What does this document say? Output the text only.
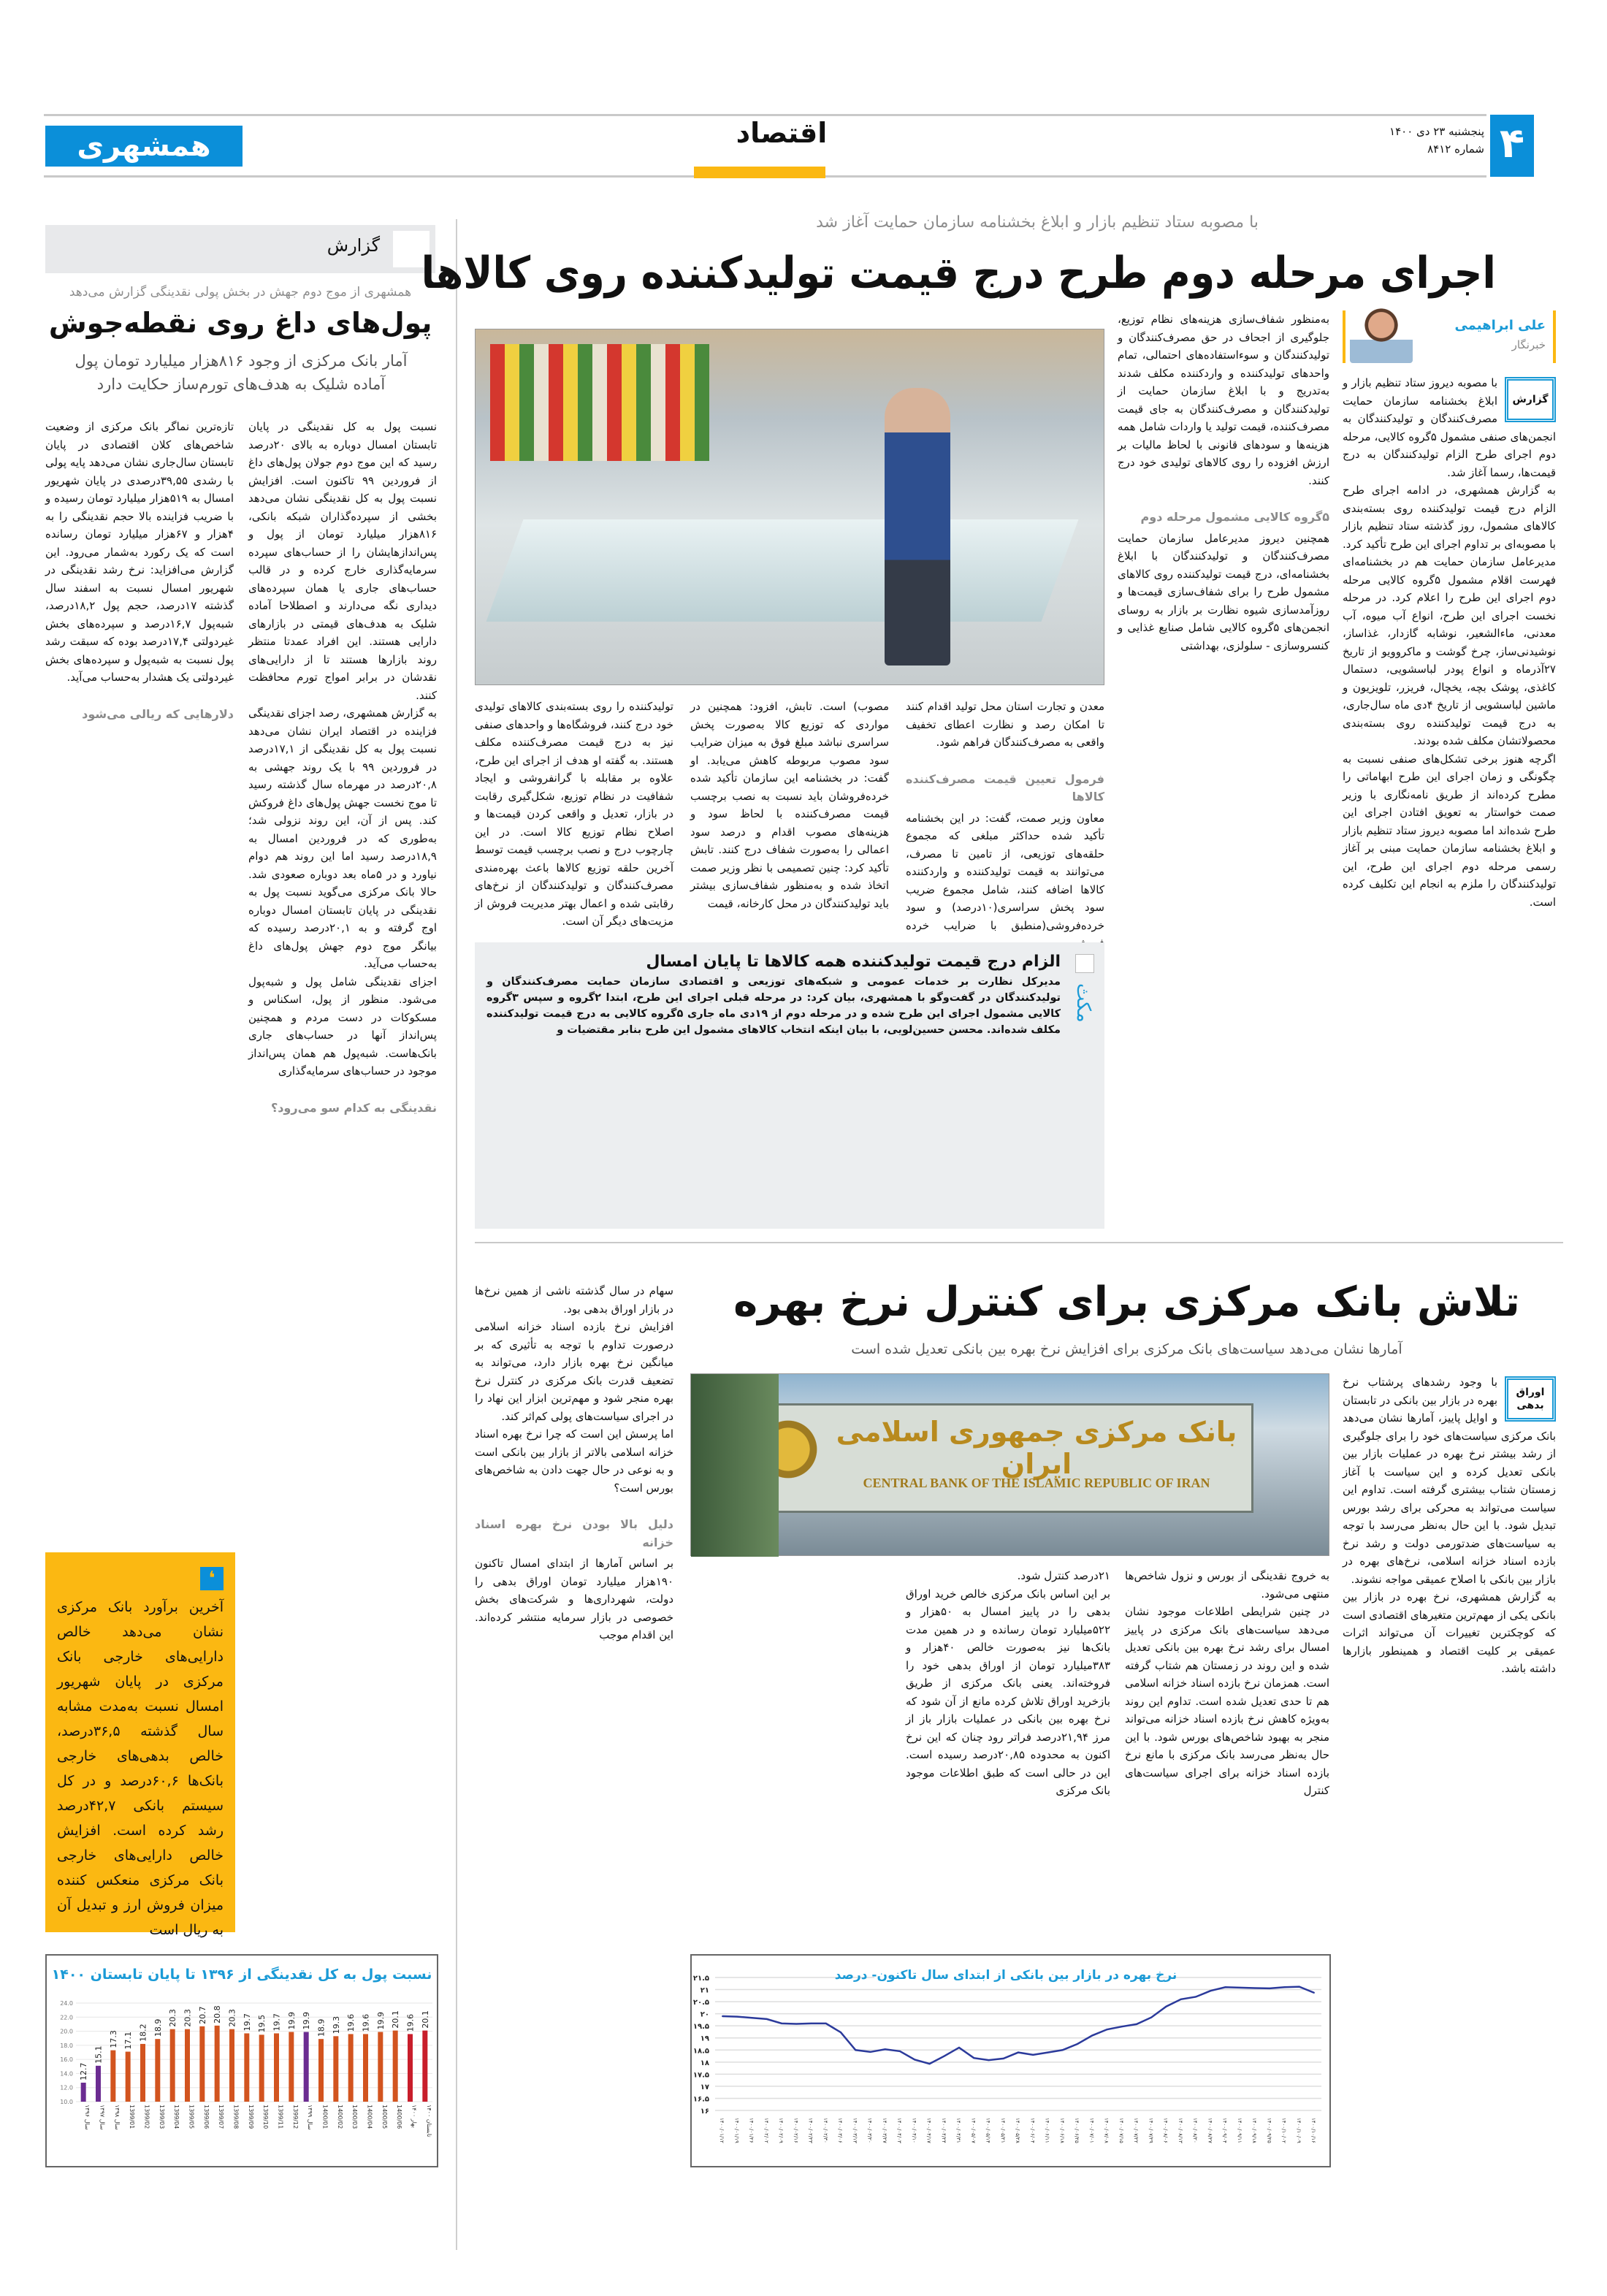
۴
پنجشنبه ۲۳ دی ۱۴۰۰
شماره ۸۴۱۲
اقتصاد
همشهری
گزارش
همشهری از موج دوم جهش در بخش پولی نقدینگی گزارش می‌دهد
پول‌های داغ روی نقطه‌جوش
آمار بانک مرکزی از وجود ۸۱۶هزار میلیارد تومان پول آماده شلیک به هدف‌های تورم‌ساز حکایت دارد

نسبت پول به کل نقدینگی در پایان تابستان امسال دوباره به بالای ۲۰درصد رسید که این موج دوم جولان پول‌های داغ از فروردین ۹۹ تاکنون است. افزایش نسبت پول به کل نقدینگی نشان می‌دهد بخشی از سپرده‌گذاران شبکه بانکی، ۸۱۶هزار میلیارد تومان از پول و پس‌اندازهایشان را از حساب‌های سپرده سرمایه‌گذاری خارج کرده و در قالب حساب‌های جاری یا همان سپرده‌های دیداری نگه می‌دارند و اصطلاحا آماده شلیک به هدف‌های قیمتی در بازارهای دارایی هستند. این افراد عمدتا منتظر روند بازارها هستند تا از دارایی‌های نقدشان در برابر امواج تورم محافظت کنند.

به گزارش همشهری، رصد اجزای نقدینگی فزاینده در اقتصاد ایران نشان می‌دهد نسبت پول به کل نقدینگی از ۱۷,۱درصد در فروردین ۹۹ با یک روند جهشی به ۲۰,۸درصد در مهرماه سال گذشته رسید تا موج نخست جهش پول‌های داغ فروکش کند. پس از آن، این روند نزولی شد؛ به‌طوری که در فروردین امسال به ۱۸,۹درصد رسید اما این روند هم دوام نیاورد و در ۵ماه بعد دوباره صعودی شد. حالا بانک مرکزی می‌گوید نسبت پول به نقدینگی در پایان تابستان امسال دوباره اوج گرفته و به ۲۰,۱درصد رسیده که بیانگر موج دوم جهش پول‌های داغ به‌حساب می‌آید.

اجزای نقدینگی شامل پول و شبه‌پول می‌شود. منظور از پول، اسکناس و مسکوکات در دست مردم و همچنین پس‌انداز آنها در حساب‌های جاری بانک‌هاست. شبه‌پول هم همان پس‌انداز موجود در حساب‌های سرمایه‌گذاری

نقدینگی به کدام سو می‌رود؟

تازه‌ترین نماگر بانک مرکزی از وضعیت شاخص‌های کلان اقتصادی در پایان تابستان سال‌جاری نشان می‌دهد پایه پولی با رشدی ۳۹,۵۵درصدی در پایان شهریور امسال به ۵۱۹هزار میلیارد تومان رسیده و با ضریب فزاینده بالا حجم نقدینگی را به ۴هزار و ۶۷هزار میلیارد تومان رسانده است که یک رکورد به‌شمار می‌رود. این گزارش می‌افزاید: نرخ رشد نقدینگی در شهریور امسال نسبت به اسفند سال گذشته ۱۷درصد، حجم پول ۱۸,۲درصد، شبه‌پول ۱۶,۷درصد و سپرده‌های بخش غیردولتی ۱۷,۴درصد بوده که سبقت رشد پول نسبت به شبه‌پول و سپرده‌های بخش غیردولتی یک هشدار به‌حساب می‌آید.

دلارهایی که ریالی می‌شود
❛
آخرین برآورد بانک مرکزی نشان می‌دهد خالص دارایی‌های خارجی بانک مرکزی در پایان شهریور امسال نسبت به‌مدت مشابه سال گذشته ۳۶,۵درصد، خالص بدهی‌های خارجی بانک‌ها ۶۰,۶درصد و در کل سیستم بانکی ۴۲,۷درصد رشد کرده است. افزایش خالص دارایی‌های خارجی بانک مرکزی منعکس کننده میزان فروش ارز و تبدیل آن به ریال است
نسبت پول به کل نقدینگی از ۱۳۹۶ تا پایان تابستان ۱۴۰۰
10.0
12.0
14.0
16.0
18.0
20.0
22.0
24.0
12.7
سال ۱۳۹۶
15.1
سال ۱۳۹۷
17.3
سال ۱۳۹۸
17.1
1399/01
18.2
1399/02
18.9
1399/03
20.3
1399/04
20.3
1399/05
20.7
1399/06
20.8
1399/07
20.3
1399/08
19.7
1399/09
19.5
1399/10
19.7
1399/11
19.9
1399/12
19.9
سال ۱۳۹۹
18.9
1400/01
19.3
1400/02
19.6
1400/03
19.6
1400/04
19.9
1400/05
20.1
1400/06
19.6
بهار ۱۴۰۰
20.1
تابستان ۱۴۰۰
با مصوبه ستاد تنظیم بازار و ابلاغ بخشنامه سازمان حمایت آغاز شد
اجرای مرحله دوم طرح درج قیمت تولیدکننده روی کالاها
علی ابراهیمی
خبرنگار
گزارش

با مصوبه دیروز ستاد تنظیم بازار و ابلاغ بخشنامه سازمان حمایت مصرف‌کنندگان و تولیدکنندگان به انجمن‌های صنفی مشمول ۵گروه کالایی، مرحله دوم اجرای طرح الزام تولیدکنندگان به درج قیمت‌ها، رسما آغاز شد.

به گزارش همشهری، در ادامه اجرای طرح الزام درج قیمت تولیدکننده روی بسته‌بندی کالاهای مشمول، روز گذشته ستاد تنظیم بازار با مصوبه‌ای بر تداوم اجرای این طرح تأکید کرد. مدیرعامل سازمان حمایت هم در بخشنامه‌ای فهرست اقلام مشمول ۵گروه کالایی مرحله دوم اجرای این طرح را اعلام کرد. در مرحله نخست اجرای این طرح، انواع آب میوه، آب معدنی، ماءالشعیر، نوشابه گازدار، غذاساز، نوشیدنی‌ساز، چرخ گوشت و ماکروویو از تاریخ ۲۷آذرماه و انواع پودر لباسشویی، دستمال کاغذی، پوشک بچه، یخچال، فریزر، تلویزیون و ماشین لباسشویی از تاریخ ۴دی ماه سال‌جاری، به درج قیمت تولیدکننده روی بسته‌بندی محصولاتشان مکلف شده بودند.

اگرچه هنوز برخی تشکل‌های صنفی نسبت به چگونگی و زمان اجرای این طرح ابهاماتی را مطرح کرده‌اند از طریق نامه‌نگاری با وزیر صمت خواستار به تعویق افتادن اجرای این طرح شده‌اند اما مصوبه دیروز ستاد تنظیم بازار و ابلاغ بخشنامه سازمان حمایت مبنی بر آغاز رسمی مرحله دوم اجرای این طرح، این تولیدکنندگان را ملزم به انجام این تکلیف کرده است.

به‌منظور شفاف‌سازی هزینه‌های نظام توزیع، جلوگیری از اجحاف در حق مصرف‌کنندگان و تولیدکنندگان و سوءاستفاده‌های احتمالی، تمام واحدهای تولیدکننده و واردکننده مکلف شدند به‌تدریج و با ابلاغ سازمان حمایت از تولیدکنندگان و مصرف‌کنندگان به جای قیمت مصرف‌کننده، قیمت تولید یا واردات شامل همه هزینه‌ها و سودهای قانونی با لحاظ مالیات بر ارزش افزوده را روی کالاهای تولیدی خود درج کنند.

۵گروه کالایی مشمول مرحله دوم

همچنین دیروز مدیرعامل سازمان حمایت مصرف‌کنندگان و تولیدکنندگان با ابلاغ بخشنامه‌ای، درج قیمت تولیدکننده روی کالاهای مشمول طرح را برای شفاف‌سازی قیمت‌ها و روزآمدسازی شیوه نظارت بر بازار به روسای انجمن‌های ۵گروه کالایی شامل صنایع غذایی و کنسروسازی - سلولزی، بهداشتی

معدن و تجارت استان محل تولید اقدام کنند تا امکان رصد و نظارت اعطای تخفیف واقعی به مصرف‌کنندگان فراهم شود.

فرمول تعیین قیمت مصرف‌کننده کالاها

معاون وزیر صمت، گفت: در این بخشنامه تأکید شده حداکثر مبلغی که مجموع حلقه‌های توزیعی، از تامین تا مصرف، می‌توانند به قیمت تولیدکننده و واردکننده کالاها اضافه کنند، شامل مجموع ضریب سود پخش سراسری(۱۰درصد) و سود خرده‌فروشی(منطبق با ضرایب خرده

مصوب) است. تابش، افزود: همچنین در مواردی که توزیع کالا به‌صورت پخش سراسری نباشد مبلغ فوق به میزان ضرایب سود مصوب مربوطه کاهش می‌یابد. او گفت: در بخشنامه این سازمان تأکید شده خرده‌فروشان باید نسبت به نصب برچسب قیمت مصرف‌کننده با لحاظ سود و هزینه‌های مصوب اقدام و درصد سود اعمالی را به‌صورت شفاف درج کنند. تابش تأکید کرد: چنین تصمیمی با نظر وزیر صمت اتخاذ شده و به‌منظور شفاف‌سازی بیشتر باید تولیدکنندگان در محل کارخانه، قیمت

تولیدکننده را روی بسته‌بندی کالاهای تولیدی خود درج کنند، فروشگاه‌ها و واحدهای صنفی نیز به درج قیمت مصرف‌کننده مکلف هستند. به گفته او هدف از اجرای این طرح، علاوه بر مقابله با گرانفروشی و ایجاد شفافیت در نظام توزیع، شکل‌گیری رقابت در بازار، تعدیل و واقعی کردن قیمت‌ها و اصلاح نظام توزیع کالا است. در این چارچوب درج و نصب برچسب قیمت توسط آخرین حلقه توزیع کالاها باعث بهره‌مندی مصرف‌کنندگان و تولیدکنندگان از نرخ‌های رقابتی شده و اعمال بهتر مدیریت فروش از مزیت‌های دیگر آن است.

مکث
الزام درج قیمت تولیدکننده همه کالاها تا پایان امسال
مدیرکل نظارت بر خدمات عمومی و شبکه‌های توزیعی و اقتصادی سازمان حمایت مصرف‌کنندگان و تولیدکنندگان در گفت‌وگو با همشهری، بیان کرد: در مرحله قبلی اجرای این طرح، ابتدا ۲گروه و سپس ۳گروه کالایی مشمول اجرای این طرح شده و در مرحله دوم از ۱۹دی ماه جاری ۵گروه کالایی به درج قیمت تولیدکننده مکلف شده‌اند. محسن حسین‌لویی، با بیان اینکه انتخاب کالاهای مشمول این طرح بنابر مقتضیات و
تلاش بانک مرکزی برای کنترل نرخ بهره
آمارها نشان می‌دهد سیاست‌های بانک مرکزی برای افزایش نرخ بهره بین بانکی تعدیل شده است
اوراق بدهی

با وجود رشدهای پرشتاب نرخ بهره در بازار بین بانکی در تابستان و اوایل پاییز، آمارها نشان می‌دهد بانک مرکزی سیاست‌های خود را برای جلوگیری از رشد بیشتر نرخ بهره در عملیات بازار بین بانکی تعدیل کرده و این سیاست با آغاز زمستان شتاب بیشتری گرفته است. تداوم این سیاست می‌تواند به محرکی برای رشد بورس تبدیل شود. با این حال به‌نظر می‌رسد با توجه به سیاست‌های ضدتورمی دولت و رشد نرخ بازده اسناد خزانه اسلامی، نرخ‌های بهره در بازار بین بانکی با اصلاح عمیقی مواجه نشوند.

به گزارش همشهری، نرخ بهره در بازار بین بانکی یکی از مهم‌ترین متغیرهای اقتصادی است که کوچکترین تغییرات آن می‌تواند اثرات عمیقی بر کلیت اقتصاد و همینطور بازارها داشته باشد.

بانک مرکزی جمهوری اسلامی ایران
CENTRAL BANK OF THE ISLAMIC REPUBLIC OF IRAN

به خروج نقدینگی از بورس و نزول شاخص‌ها منتهی می‌شود.

در چنین شرایطی اطلاعات موجود نشان می‌دهد سیاست‌های بانک مرکزی در پاییز امسال برای رشد نرخ بهره بین بانکی تعدیل شده و این روند در زمستان هم شتاب گرفته است. همزمان نرخ بازده اسناد خزانه اسلامی هم تا حدی تعدیل شده است. تداوم این روند به‌ویژه کاهش نرخ بازده اسناد خزانه می‌تواند منجر به بهبود شاخص‌های بورس شود. با این حال به‌نظر می‌رسد بانک مرکزی با مانع نرخ بازده اسناد خزانه برای اجرای سیاست‌های کنترل

۲۱درصد کنترل شود.

بر این اساس بانک مرکزی خالص خرید اوراق بدهی را در پاییز امسال به ۵۰هزار و ۵۲۲میلیارد تومان رسانده و در همین مدت بانک‌ها نیز به‌صورت خالص ۴۰هزار و ۳۸۳میلیارد تومان از اوراق بدهی خود را فروخته‌اند. یعنی بانک مرکزی از طریق بازخرید اوراق تلاش کرده مانع از آن شود که نرخ بهره بین بانکی در عملیات بازار باز از مرز ۲۱,۹۴درصد فراتر رود چنان که این نرخ اکنون به محدوده ۲۰,۸۵درصد رسیده است. این در حالی است که طبق اطلاعات موجود بانک مرکزی

سهام در سال گذشته ناشی از همین نرخ‌ها در بازار اوراق بدهی بود.

افزایش نرخ بازده اسناد خزانه اسلامی درصورت تداوم با توجه به تأثیری که بر میانگین نرخ بهره بازار دارد، می‌تواند به تضعیف قدرت بانک مرکزی در کنترل نرخ بهره منجر شود و مهم‌ترین ابزار این نهاد را در اجرای سیاست‌های پولی کم‌اثر کند.

اما پرسش این است که چرا نرخ بهره اسناد خزانه اسلامی بالاتر از بازار بین بانکی است و به نوعی در حال جهت دادن به شاخص‌های بورس است؟

دلیل بالا بودن نرخ بهره اسناد خزانه

بر اساس آمارها از ابتدای امسال تاکنون ۱۹۰هزار میلیارد تومان اوراق بدهی را دولت، شهرداری‌ها و شرکت‌های بخش خصوصی در بازار سرمایه منتشر کرده‌اند. این اقدام موجب

۱۶
۱۶.۵
۱۷
۱۷.۵
۱۸
۱۸.۵
۱۹
۱۹.۵
۲۰
۲۰.۵
۲۱
۲۱.۵	نرخ بهره در بازار بین بانکی از ابتدای سال تاکنون- درصد
۱۴۰۰/۰۱/۱۲ ۱۴۰۰/۰۱/۱۹ ۱۴۰۰/۰۱/۲۶ ۱۴۰۰/۰۲/۰۲ ۱۴۰۰/۰۲/۰۹ ۱۴۰۰/۰۲/۱۶ ۱۴۰۰/۰۲/۲۳ ۱۴۰۰/۰۲/۳۰ ۱۴۰۰/۰۳/۰۶ ۱۴۰۰/۰۳/۱۳ ۱۴۰۰/۰۳/۲۰ ۱۴۰۰/۰۳/۲۷ ۱۴۰۰/۰۴/۰۳ ۱۴۰۰/۰۴/۱۰ ۱۴۰۰/۰۴/۱۷ ۱۴۰۰/۰۴/۲۴ ۱۴۰۰/۰۴/۳۱ ۱۴۰۰/۰۵/۰۷ ۱۴۰۰/۰۵/۱۴ ۱۴۰۰/۰۵/۲۱ ۱۴۰۰/۰۵/۲۸ ۱۴۰۰/۰۶/۰۴ ۱۴۰۰/۰۶/۱۱ ۱۴۰۰/۰۶/۱۸ ۱۴۰۰/۰۶/۲۵ ۱۴۰۰/۰۷/۰۱ ۱۴۰۰/۰۷/۰۸ ۱۴۰۰/۰۷/۱۵ ۱۴۰۰/۰۷/۲۲ ۱۴۰۰/۰۷/۲۹ ۱۴۰۰/۰۸/۰۶ ۱۴۰۰/۰۸/۱۳ ۱۴۰۰/۰۸/۲۰ ۱۴۰۰/۰۸/۲۷ ۱۴۰۰/۰۹/۰۴ ۱۴۰۰/۰۹/۱۱ ۱۴۰۰/۰۹/۱۸ ۱۴۰۰/۰۹/۲۵ ۱۴۰۰/۱۰/۰۲ ۱۴۰۰/۱۰/۰۹ ۱۴۰۰/۱۰/۱۶
